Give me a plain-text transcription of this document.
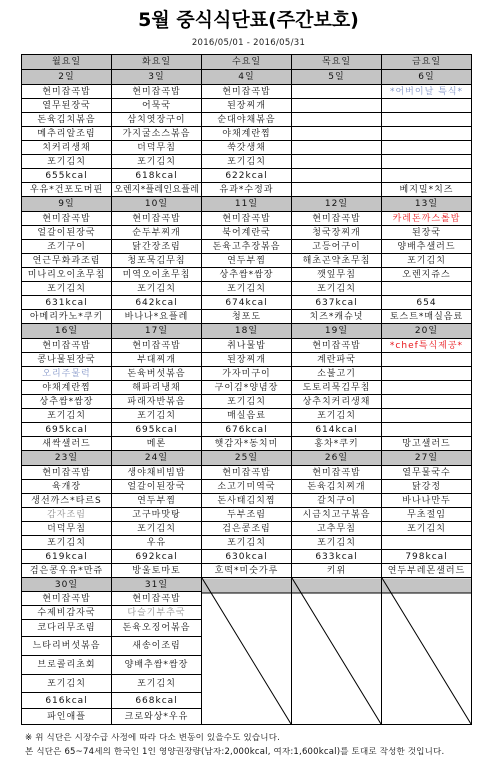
5월 중식식단표(주간보호)
2016/05/01 - 2016/05/31
월요일	화요일	수요일	목요일	금요일
2일	3일	4일	5일	6일
현미잡곡밥	현미잡곡밥	현미잡곡밥		*어버이날 특식*
열무된장국	어묵국	된장찌개		
돈육김치볶음	삼치엿장구이	순대야채볶음		
메추리알조림	가지굴소스볶음	야채계란찜		
치커리생채	더덕무침	쑥갓생채		
포기김치	포기김치	포기김치		
655kcal	618kcal	622kcal		
우유*건포도머핀	오렌지*플레인요플레	유과*수정과		베지밀*치즈
9일	10일	11일	12일	13일
현미잡곡밥	현미잡곡밥	현미잡곡밥	현미잡곡밥	카레돈까스롤밥
얼갈이된장국	순두부찌개	북어계란국	청국장찌개	된장국
조기구이	닭간장조림	돈육고추장볶음	고등어구이	양배추샐러드
연근무화과조림	청포묵김무침	연두부찜	해초곤약초무침	포기김치
미나리오이초무침	미역오이초무침	상추쌈*쌈장	깻잎무침	오렌지쥬스
포기김치	포기김치	포기김치	포기김치	
631kcal	642kcal	674kcal	637kcal	654
아메리카노*쿠키	바나나*요플레	청포도	치즈*캐슈넛	토스트*매실음료
16일	17일	18일	19일	20일
현미잡곡밥	현미잡곡밥	취나물밥	현미잡곡밥	*chef특식제공*
콩나물된장국	부대찌개	된장찌개	계란파국	
오리주물럭	돈육버섯볶음	가자미구이	소불고기	
야채계란찜	해파리냉채	구이김*양념장	도토리묵김무침	
상추쌈*쌈장	파래자반볶음	포기김치	상추치커리생채	
포기김치	포기김치	매실음료	포기김치	
695kcal	695kcal	676kcal	614kcal	
새싹샐러드	메론	햇감자*동치미	홍차*쿠키	망고샐러드
23일	24일	25일	26일	27일
현미잡곡밥	생야채비빔밥	현미잡곡밥	현미잡곡밥	열무물국수
육개장	얼갈이된장국	소고기미역국	돈육김치찌개	닭강정
생선까스*타르S	연두부찜	돈사태김치찜	갈치구이	바나나만두
감자조림	고구마맛탕	두부조림	시금치고구볶음	무초절임
더덕무침	포기김치	검은콩조림	고추무침	포기김치
포기김치	우유	포기김치	포기김치	
619kcal	692kcal	630kcal	633kcal	798kcal
검은콩우유*만쥬	방울토마토	호떡*미숫가루	키위	연두부레몬샐러드
30일	31일	

현미잡곡밥	현미잡곡밥			
수제비감자국	다슬기부추국			
코다리무조림	돈육오징어볶음			
느타리버섯볶음	새송이조림			
브로콜리초회	양배추쌈*쌈장			
포기김치	포기김치			
616kcal	668kcal			
파인애플	크로와상*우유			
※ 위 식단은 시장수급 사정에 따라 다소 변동이 있을수도 있습니다.
본 식단은 65~74세의 한국인 1인 영양권장량(남자:2,000kcal, 여자:1,600kcal)를 토대로 작성한 것입니다.
